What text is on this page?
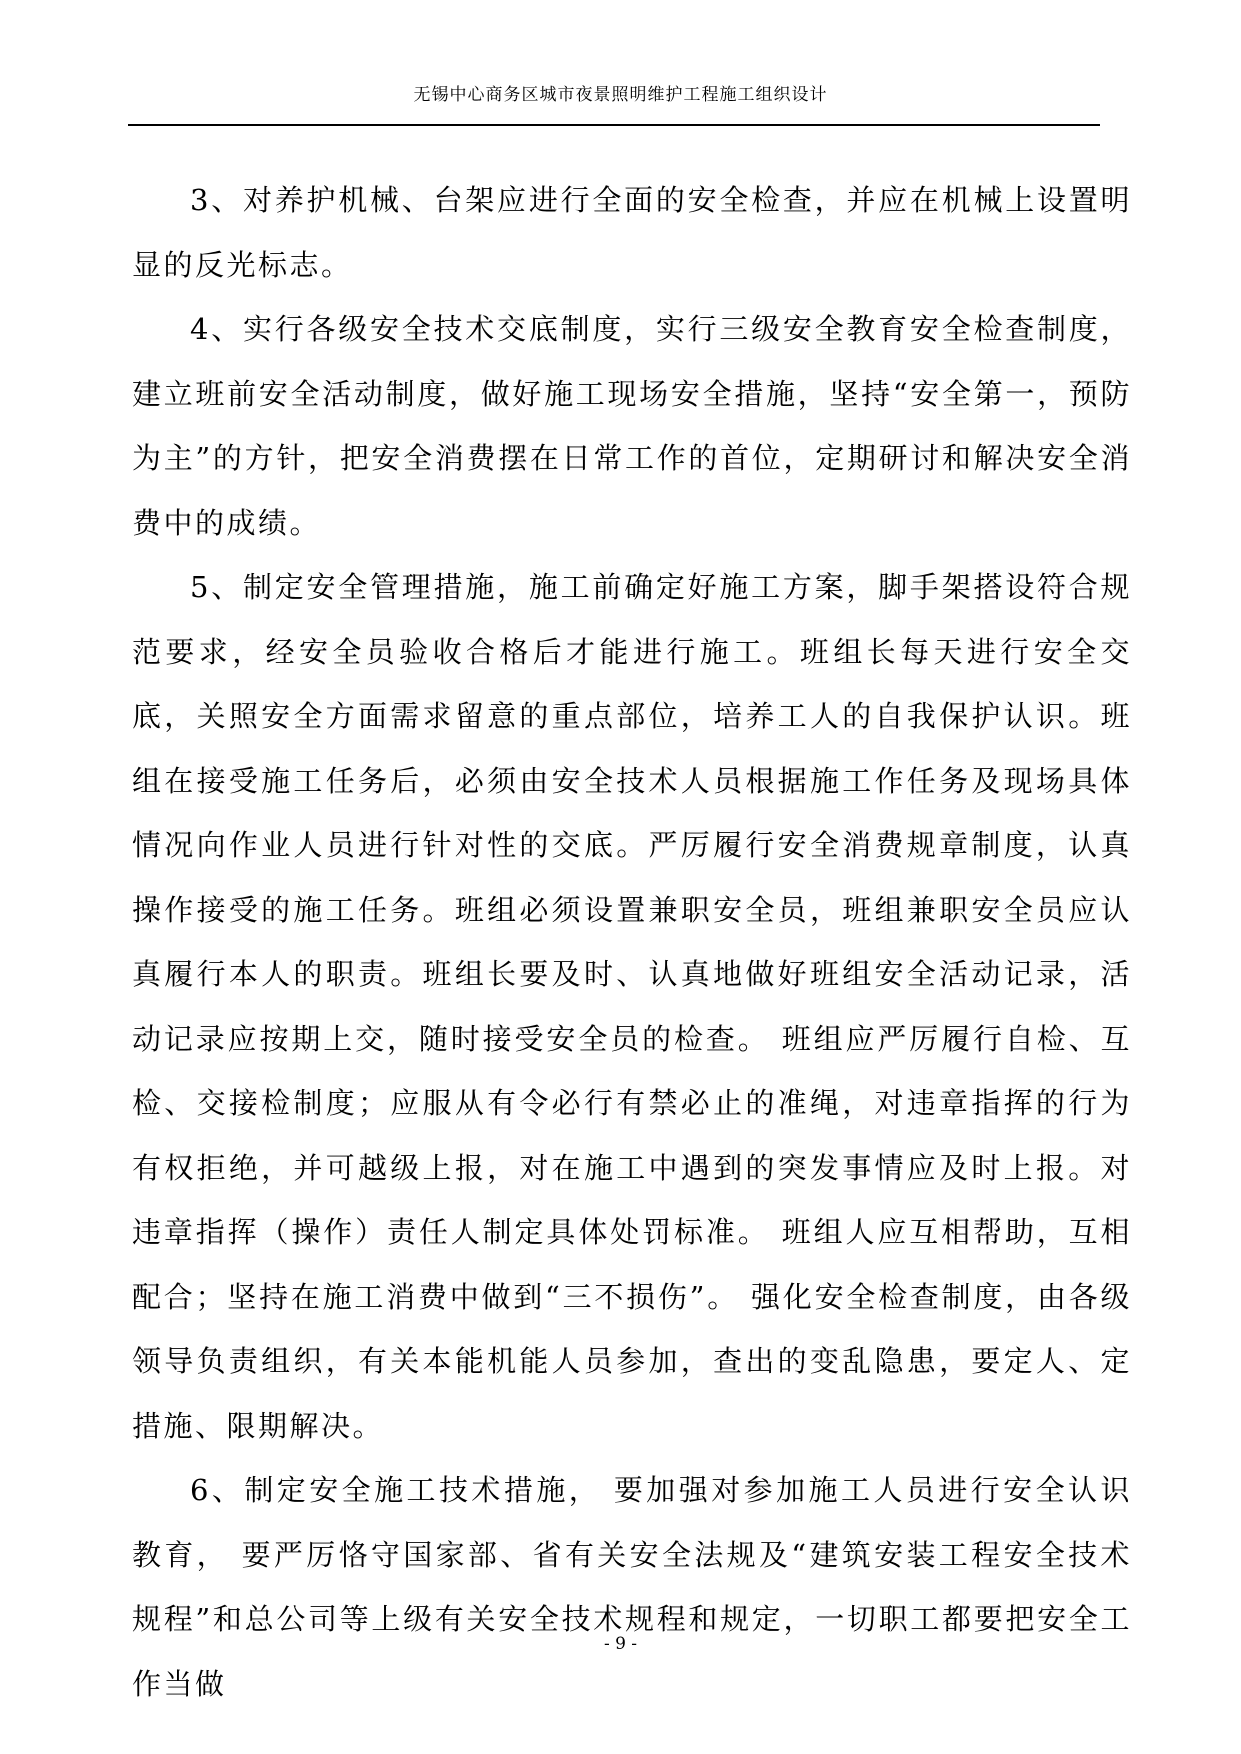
无锡中心商务区城市夜景照明维护工程施工组织设计

3、对养护机械、台架应进行全面的安全检查，并应在机械上设置明显的反光标志。

4、实行各级安全技术交底制度，实行三级安全教育安全检查制度，建立班前安全活动制度，做好施工现场安全措施，坚持“安全第一，预防为主”的方针，把安全消费摆在日常工作的首位，定期研讨和解决安全消费中的成绩。

5、制定安全管理措施，施工前确定好施工方案，脚手架搭设符合规范要求，经安全员验收合格后才能进行施工。班组长每天进行安全交底，关照安全方面需求留意的重点部位，培养工人的自我保护认识。班组在接受施工任务后，必须由安全技术人员根据施工作任务及现场具体情况向作业人员进行针对性的交底。严厉履行安全消费规章制度，认真操作接受的施工任务。班组必须设置兼职安全员，班组兼职安全员应认真履行本人的职责。班组长要及时、认真地做好班组安全活动记录，活动记录应按期上交，随时接受安全员的检查。 班组应严厉履行自检、互检、交接检制度；应服从有令必行有禁必止的准绳，对违章指挥的行为有权拒绝，并可越级上报，对在施工中遇到的突发事情应及时上报。对违章指挥（操作）责任人制定具体处罚标准。 班组人应互相帮助，互相配合；坚持在施工消费中做到“三不损伤”。 强化安全检查制度，由各级领导负责组织，有关本能机能人员参加，查出的变乱隐患，要定人、定措施、限期解决。

6、制定安全施工技术措施， 要加强对参加施工人员进行安全认识教育， 要严厉恪守国家部、省有关安全法规及“建筑安装工程安全技术规程”和总公司等上级有关安全技术规程和规定，一切职工都要把安全工作当做

- 9 -
